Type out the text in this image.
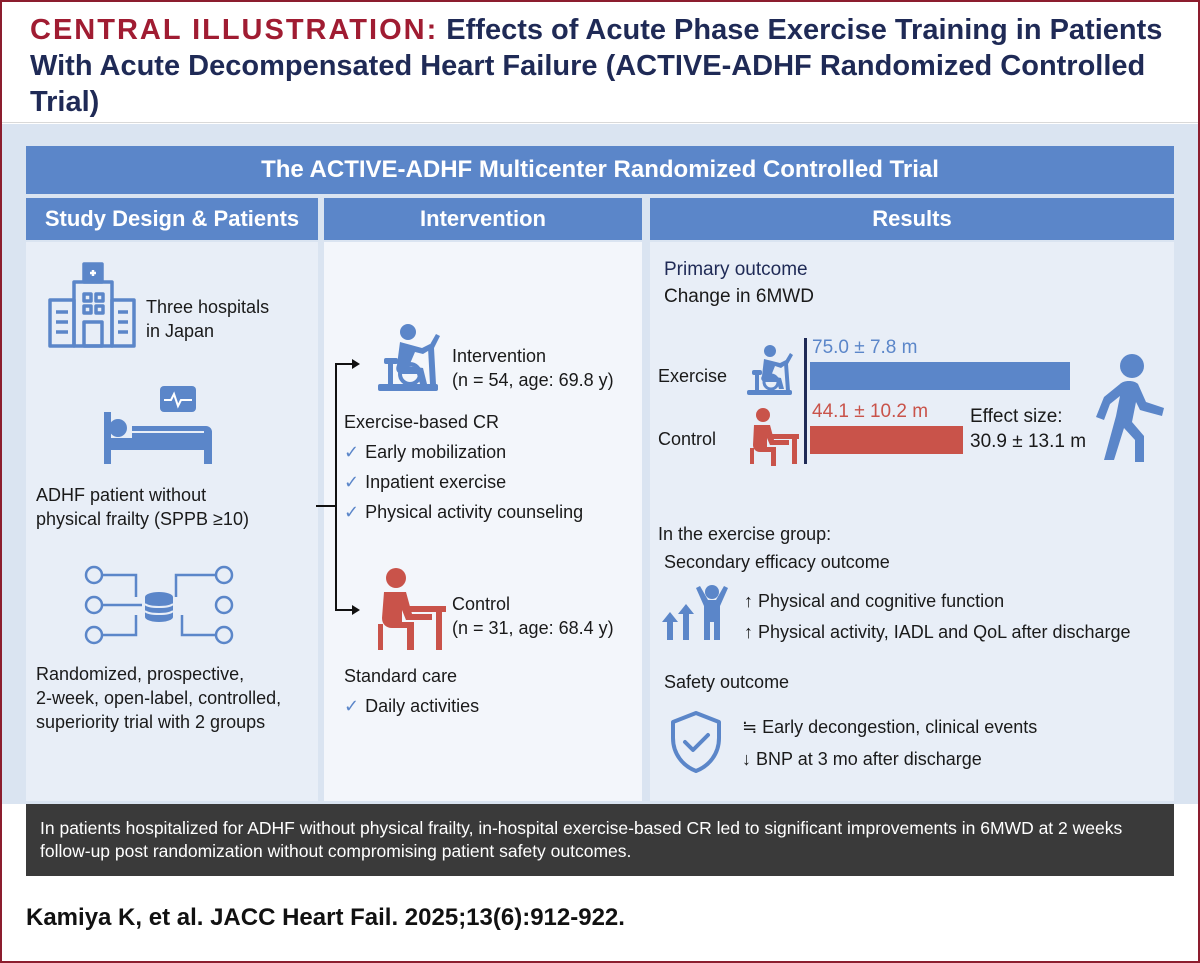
CENTRAL ILLUSTRATION: Effects of Acute Phase Exercise Training in Patients With Acute Decompensated Heart Failure (ACTIVE-ADHF Randomized Controlled Trial)
The ACTIVE-ADHF Multicenter Randomized Controlled Trial
Study Design & Patients	Intervention	Results
Three hospitals
in Japan
ADHF patient without
physical frailty (SPPB ≥10)
Randomized, prospective,
2-week, open-label, controlled,
superiority trial with 2 groups
Intervention
(n = 54, age: 69.8 y)
Exercise-based CR
✓ Early mobilization
✓ Inpatient exercise
✓ Physical activity counseling
Control
(n = 31, age: 68.4 y)
Standard care
✓ Daily activities
Primary outcome
Change in 6MWD
Exercise
Control
75.0 ± 7.8 m
44.1 ± 10.2 m Effect size:
30.9 ± 13.1 m
In the exercise group:
Secondary efficacy outcome
↑ Physical and cognitive function
↑ Physical activity, IADL and QoL after discharge
Safety outcome
≒ Early decongestion, clinical events
↓ BNP at 3 mo after discharge
In patients hospitalized for ADHF without physical frailty, in-hospital exercise-based CR led to significant improvements in 6MWD at 2 weeks follow-up post randomization without compromising patient safety outcomes.
Kamiya K, et al. JACC Heart Fail. 2025;13(6):912-922.
